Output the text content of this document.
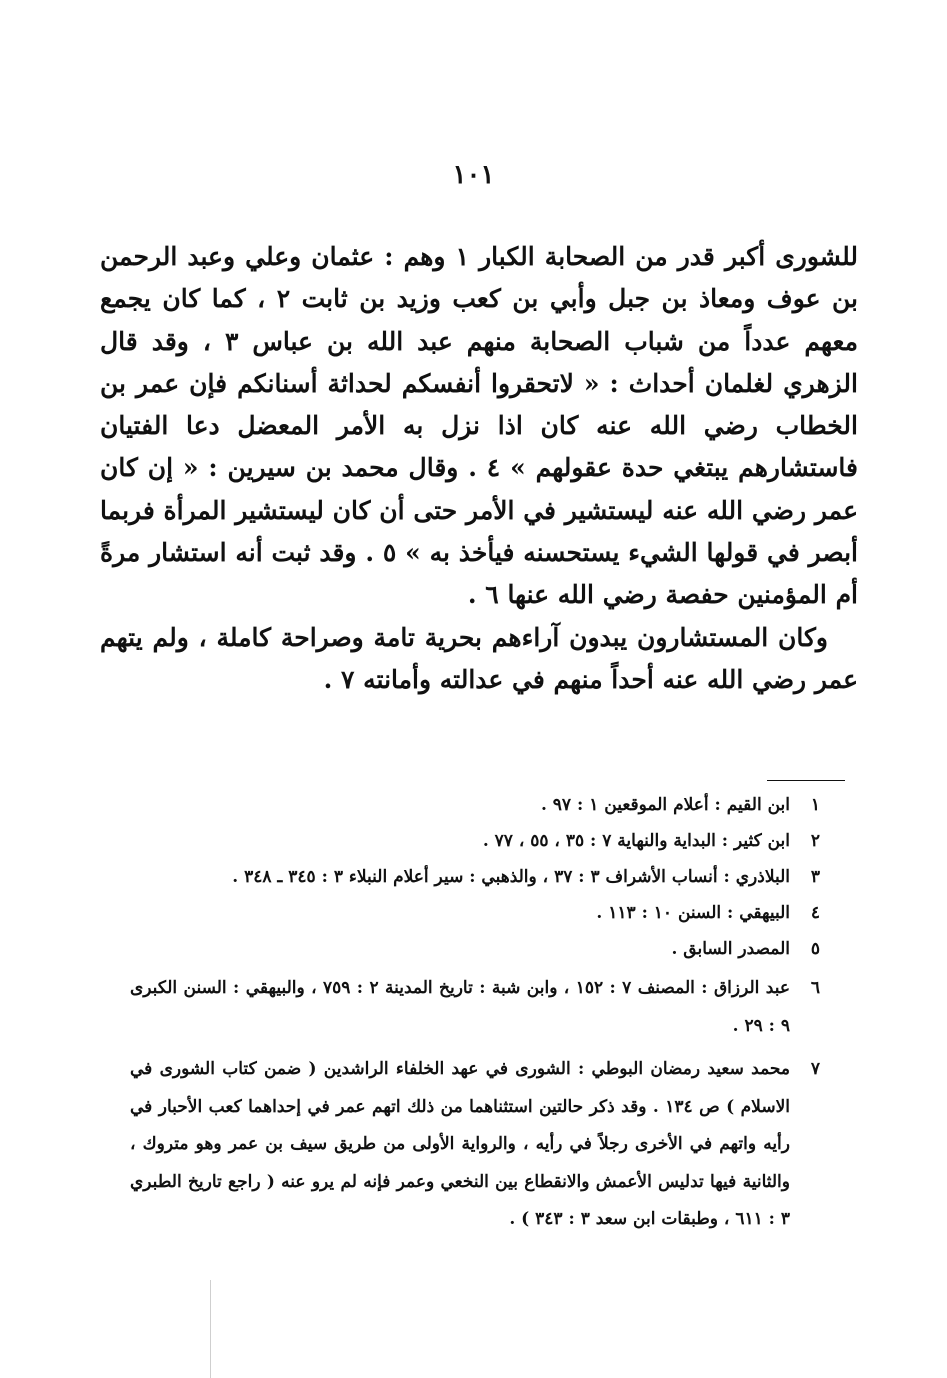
١٠١

للشورى أكبر قدر من الصحابة الكبار ١ وهم : عثمان وعلي وعبد الرحمن بن عوف ومعاذ بن جبل وأبي بن كعب وزيد بن ثابت ٢ ، كما كان يجمع معهم عدداً من شباب الصحابة منهم عبد الله بن عباس ٣ ، وقد قال الزهري لغلمان أحداث : « لاتحقروا أنفسكم لحداثة أسنانكم فإن عمر بن الخطاب رضي الله عنه كان اذا نزل به الأمر المعضل دعا الفتيان فاستشارهم يبتغي حدة عقولهم » ٤ . وقال محمد بن سيرين : « إن كان عمر رضي الله عنه ليستشير في الأمر حتى أن كان ليستشير المرأة فربما أبصر في قولها الشيء يستحسنه فيأخذ به » ٥ . وقد ثبت أنه استشار مرةً أم المؤمنين حفصة رضي الله عنها ٦ .

وكان المستشارون يبدون آراءهم بحرية تامة وصراحة كاملة ، ولم يتهم عمر رضي الله عنه أحداً منهم في عدالته وأمانته ٧ .

١
ابن القيم : أعلام الموقعين ١ : ٩٧ .
٢
ابن كثير : البداية والنهاية ٧ : ٣٥ ، ٥٥ ، ٧٧ .
٣
البلاذري : أنساب الأشراف ٣ : ٣٧ ، والذهبي : سير أعلام النبلاء ٣ : ٣٤٥ ـ ٣٤٨ .
٤
البيهقي : السنن ١٠ : ١١٣ .
٥
المصدر السابق .
٦
عبد الرزاق : المصنف ٧ : ١٥٢ ، وابن شبة : تاريخ المدينة ٢ : ٧٥٩ ، والبيهقي : السنن الكبرى ٩ : ٢٩ .
٧
محمد سعيد رمضان البوطي : الشورى في عهد الخلفاء الراشدين ( ضمن كتاب الشورى في الاسلام ) ص ١٣٤ . وقد ذكر حالتين استثناهما من ذلك اتهم عمر في إحداهما كعب الأحبار في رأيه واتهم في الأخرى رجلاً في رأيه ، والرواية الأولى من طريق سيف بن عمر وهو متروك ، والثانية فيها تدليس الأعمش والانقطاع بين النخعي وعمر فإنه لم يرو عنه ( راجع تاريخ الطبري ٣ : ٦١١ ، وطبقات ابن سعد ٣ : ٣٤٣ ) .
